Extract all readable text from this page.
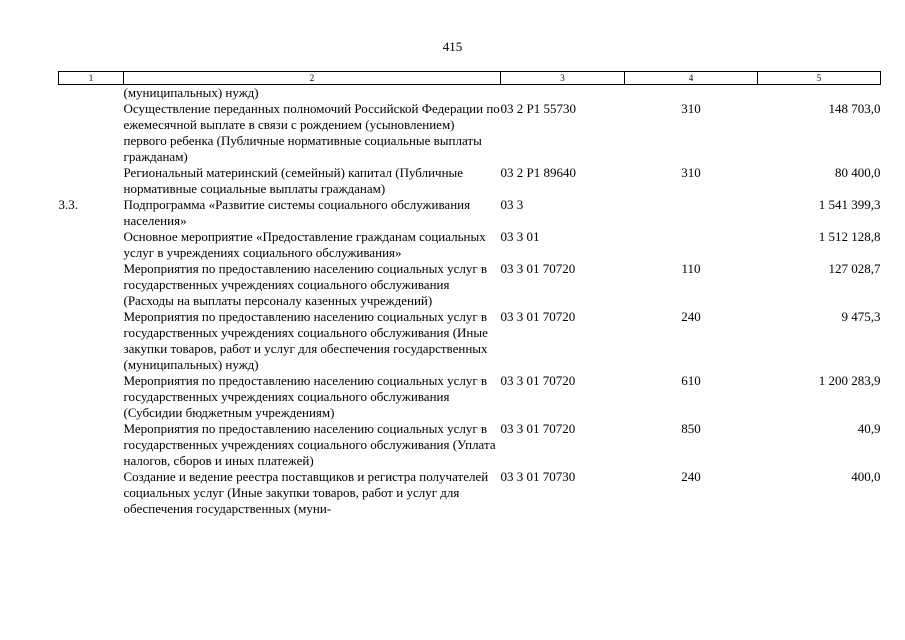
415
1	2	3	4	5
	(муниципальных) нужд)			
	Осуществление переданных полномочий Российской Федерации по ежемесячной выплате в связи с рождением (усыновлением) первого ребенка (Публичные нормативные социальные выплаты гражданам)	03 2 P1 55730	310	148 703,0
	Региональный материнский (семейный) капитал (Публичные нормативные социальные выплаты гражданам)	03 2 P1 89640	310	80 400,0
3.3.	Подпрограмма «Развитие системы социального обслуживания населения»	03 3		1 541 399,3
	Основное мероприятие «Предоставление гражданам социальных услуг в учреждениях социального обслуживания»	03 3 01		1 512 128,8
	Мероприятия по предоставлению населению социальных услуг в государственных учреждениях социального обслуживания (Расходы на выплаты персоналу казенных учреждений)	03 3 01 70720	110	127 028,7
	Мероприятия по предоставлению населению социальных услуг в государственных учреждениях социального обслуживания (Иные закупки товаров, работ и услуг для обеспечения государственных (муниципальных) нужд)	03 3 01 70720	240	9 475,3
	Мероприятия по предоставлению населению социальных услуг в государственных учреждениях социального обслуживания (Субсидии бюджетным учреждениям)	03 3 01 70720	610	1 200 283,9
	Мероприятия по предоставлению населению социальных услуг в государственных учреждениях социального обслуживания (Уплата налогов, сборов и иных платежей)	03 3 01 70720	850	40,9
	Создание и ведение реестра поставщиков и регистра получателей социальных услуг (Иные закупки товаров, работ и услуг для обеспечения государственных (муни-	03 3 01 70730	240	400,0
